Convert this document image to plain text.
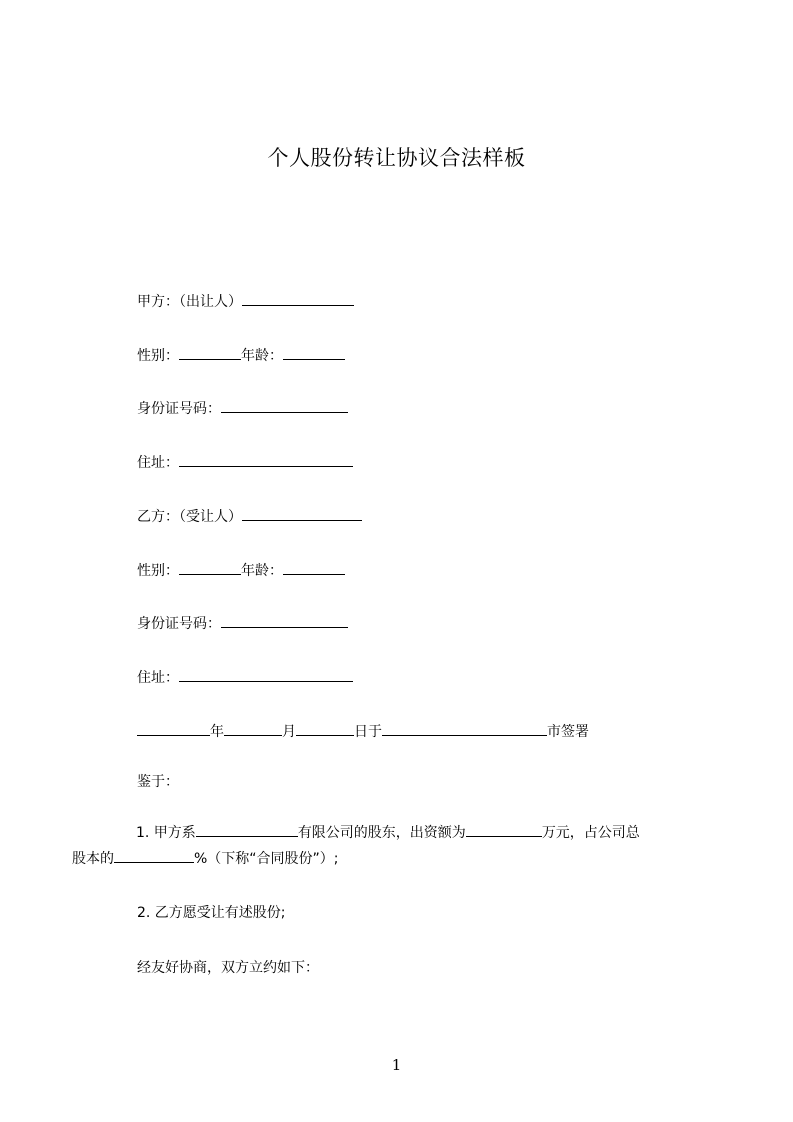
个人股份转让协议合法样板
甲方：（出让人）
性别：	年龄：
身份证号码：
住址：
乙方：（受让人）
性别：	年龄：
身份证号码：
住址：
年	月	日于	市签署
鉴于：
1. 甲方系	有限公司的股东，出资额为	万元，占公司总
股本的	%（下称“合同股份”）;
2. 乙方愿受让有述股份;
经友好协商，双方立约如下：
1
